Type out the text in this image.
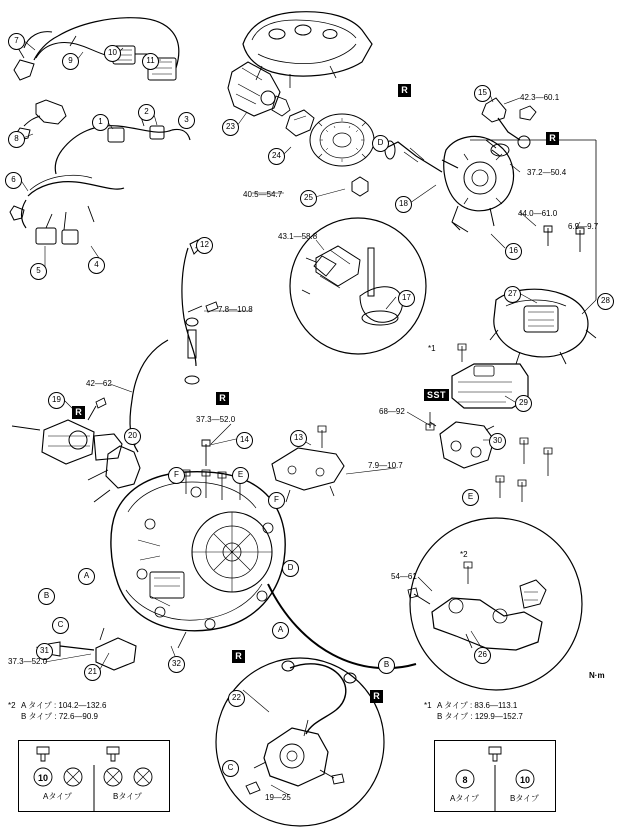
7
9
10
11
1
2
3
8
6
5
4
23
24
25
18
15
16
17	27
28
29
30
12
19
20	14	13
31
21
32
22
26
F	E
F	E
A
B
C
D
A
B
C
D
R
R
R
R
R
R
SST
42.3—60.1
37.2—50.4
44.0—61.0
6.9—9.7
40.5—54.7
43.1—58.8
7.8—10.8
42—62
37.3—52.0
68—92
7.9—10.7
54—61
37.3—52.0
19—25
*1
*2
N·m
*2 A タイプ : 104.2—132.6
B タイプ : 72.6—90.9
10
Aタイプ	Bタイプ
*1 A タイプ : 83.6—113.1
B タイプ : 129.9—152.7
8	10
Aタイプ	Bタイプ
